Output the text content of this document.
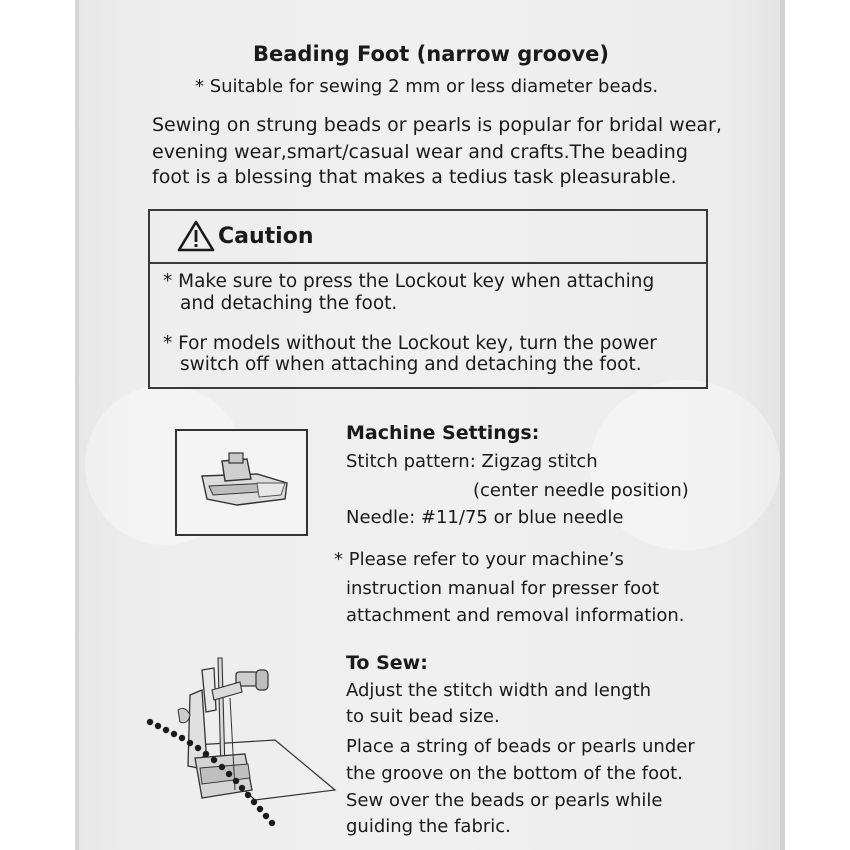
Beading Foot (narrow groove)
* Suitable for sewing 2 mm or less diameter beads.
Sewing on strung beads or pearls is popular for bridal wear,
evening wear,smart/casual wear and crafts.The beading
foot is a blessing that makes a tedius task pleasurable.
Caution
* Make sure to press the Lockout key when attaching
and detaching the foot.
* For models without the Lockout key, turn the power
switch off when attaching and detaching the foot.
Machine Settings:
Stitch pattern: Zigzag stitch
(center needle position)
Needle: #11/75 or blue needle
* Please refer to your machine’s
instruction manual for presser foot
attachment and removal information.
To Sew:
Adjust the stitch width and length
to suit bead size.
Place a string of beads or pearls under
the groove on the bottom of the foot.
Sew over the beads or pearls while
guiding the fabric.
